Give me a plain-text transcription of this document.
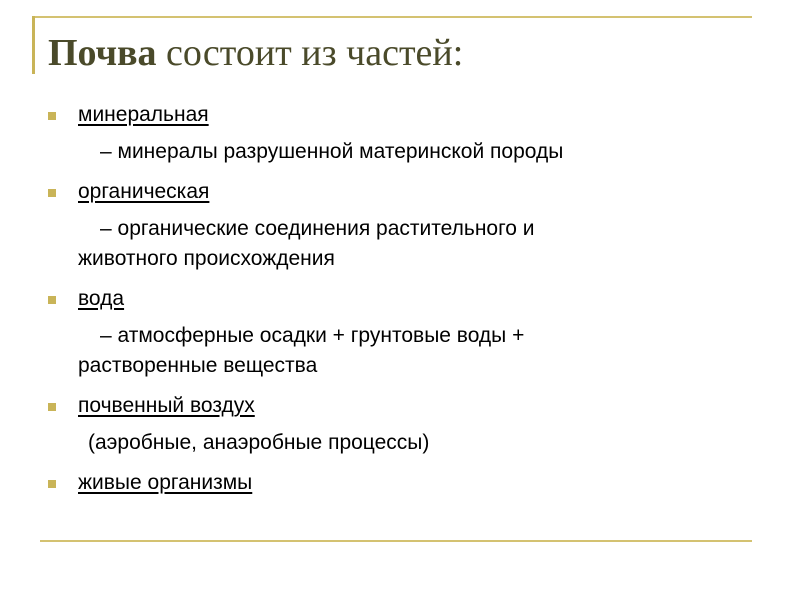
Почва состоит из частей:
минеральная
– минералы разрушенной материнской породы
органическая
– органические соединения растительного и
животного происхождения
вода
– атмосферные осадки + грунтовые воды +
растворенные вещества
почвенный воздух
(аэробные, анаэробные процессы)
живые организмы
